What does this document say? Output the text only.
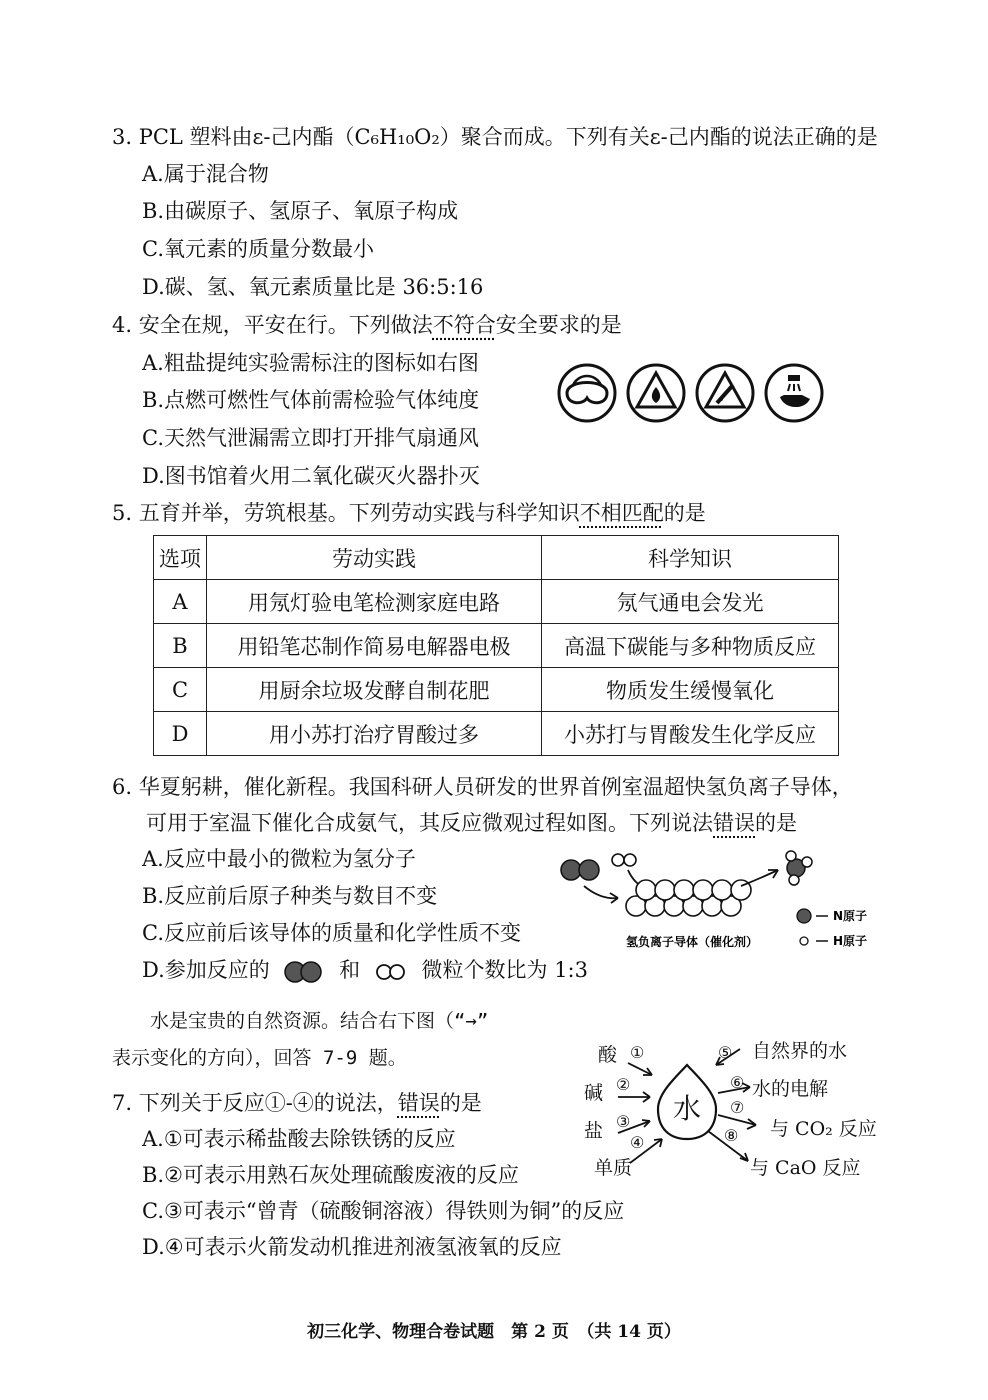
3. PCL 塑料由ε-己内酯（C₆H₁₀O₂）聚合而成。下列有关ε-己内酯的说法正确的是
A.属于混合物
B.由碳原子、氢原子、氧原子构成
C.氧元素的质量分数最小
D.碳、氢、氧元素质量比是 36:5:16
4. 安全在规，平安在行。下列做法不符合安全要求的是
A.粗盐提纯实验需标注的图标如右图
B.点燃可燃性气体前需检验气体纯度
C.天然气泄漏需立即打开排气扇通风
D.图书馆着火用二氧化碳灭火器扑灭
5. 五育并举，劳筑根基。下列劳动实践与科学知识不相匹配的是
选项	劳动实践	科学知识
A	用氖灯验电笔检测家庭电路	氖气通电会发光
B	用铅笔芯制作简易电解器电极	高温下碳能与多种物质反应
C	用厨余垃圾发酵自制花肥	物质发生缓慢氧化
D	用小苏打治疗胃酸过多	小苏打与胃酸发生化学反应
6. 华夏躬耕，催化新程。我国科研人员研发的世界首例室温超快氢负离子导体，
可用于室温下催化合成氨气，其反应微观过程如图。下列说法错误的是
A.反应中最小的微粒为氢分子
B.反应前后原子种类与数目不变
C.反应前后该导体的质量和化学性质不变
D.参加反应的	和	微粒个数比为 1:3
氢负离子导体（催化剂）
N原子
H原子
水是宝贵的自然资源。结合右下图（“→”
表示变化的方向），回答 7-9 题。
7. 下列关于反应①-④的说法，错误的是
A.①可表示稀盐酸去除铁锈的反应
B.②可表示用熟石灰处理硫酸废液的反应
C.③可表示“曾青（硫酸铜溶液）得铁则为铜”的反应
D.④可表示火箭发动机推进剂液氢液氧的反应
酸
碱
盐
单质
①
②
③
④
水
⑤
⑥
⑦
⑧
自然界的水
水的电解
与 CO₂ 反应
与 CaO 反应
初三化学、物理合卷试题　第 2 页　（共 14 页）
